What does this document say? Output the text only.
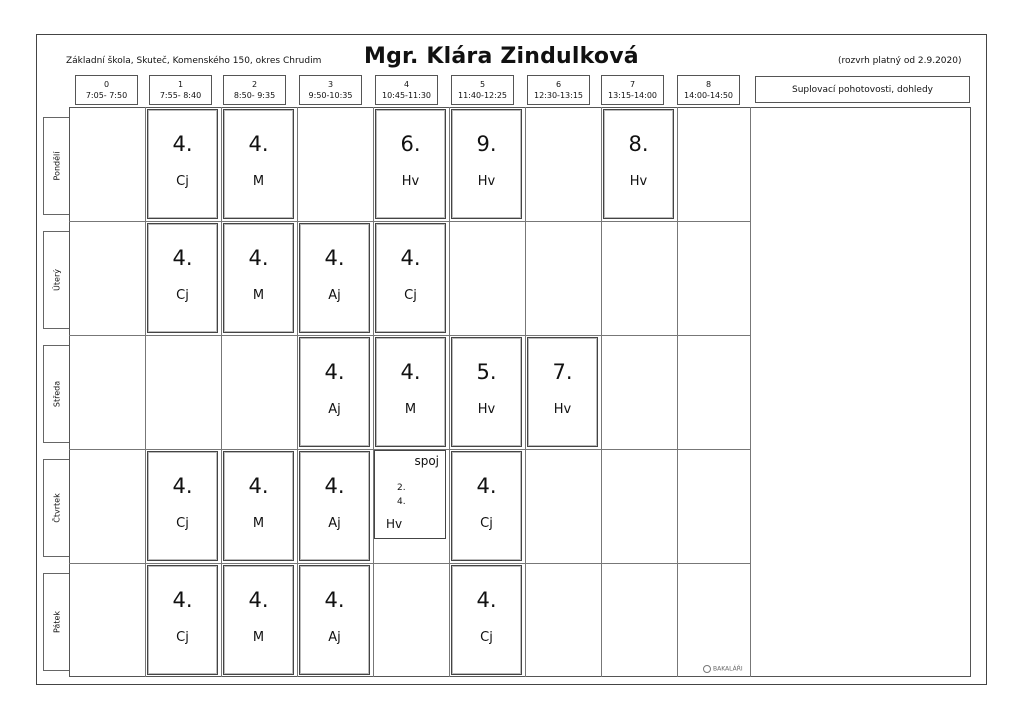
Základní škola, Skuteč, Komenského 150, okres Chrudim Mgr. Klára Zindulková	(rozvrh platný od 2.9.2020)
0
7:05- 7:50
1
7:55- 8:40
2
8:50- 9:35
3
9:50-10:35
4
10:45-11:30
5
11:40-12:25
6
12:30-13:15
7
13:15-14:00
8
14:00-14:50
Suplovací pohotovosti, dohledy
Pondělí
Úterý
Středa
Čtvrtek
Pátek
4.
Cj
4.
M
6.
Hv
9.
Hv
8.
Hv
4.
Cj
4.
M
4.
Aj
4.
Cj
4.
Aj
4.
M
5.
Hv
7.
Hv
4.
Cj
4.
M
4.
Aj
4.
Cj
4.
Cj
4.
M
4.
Aj
4.
Cj
spoj
2.
4.
Hv
BAKALÁŘI
